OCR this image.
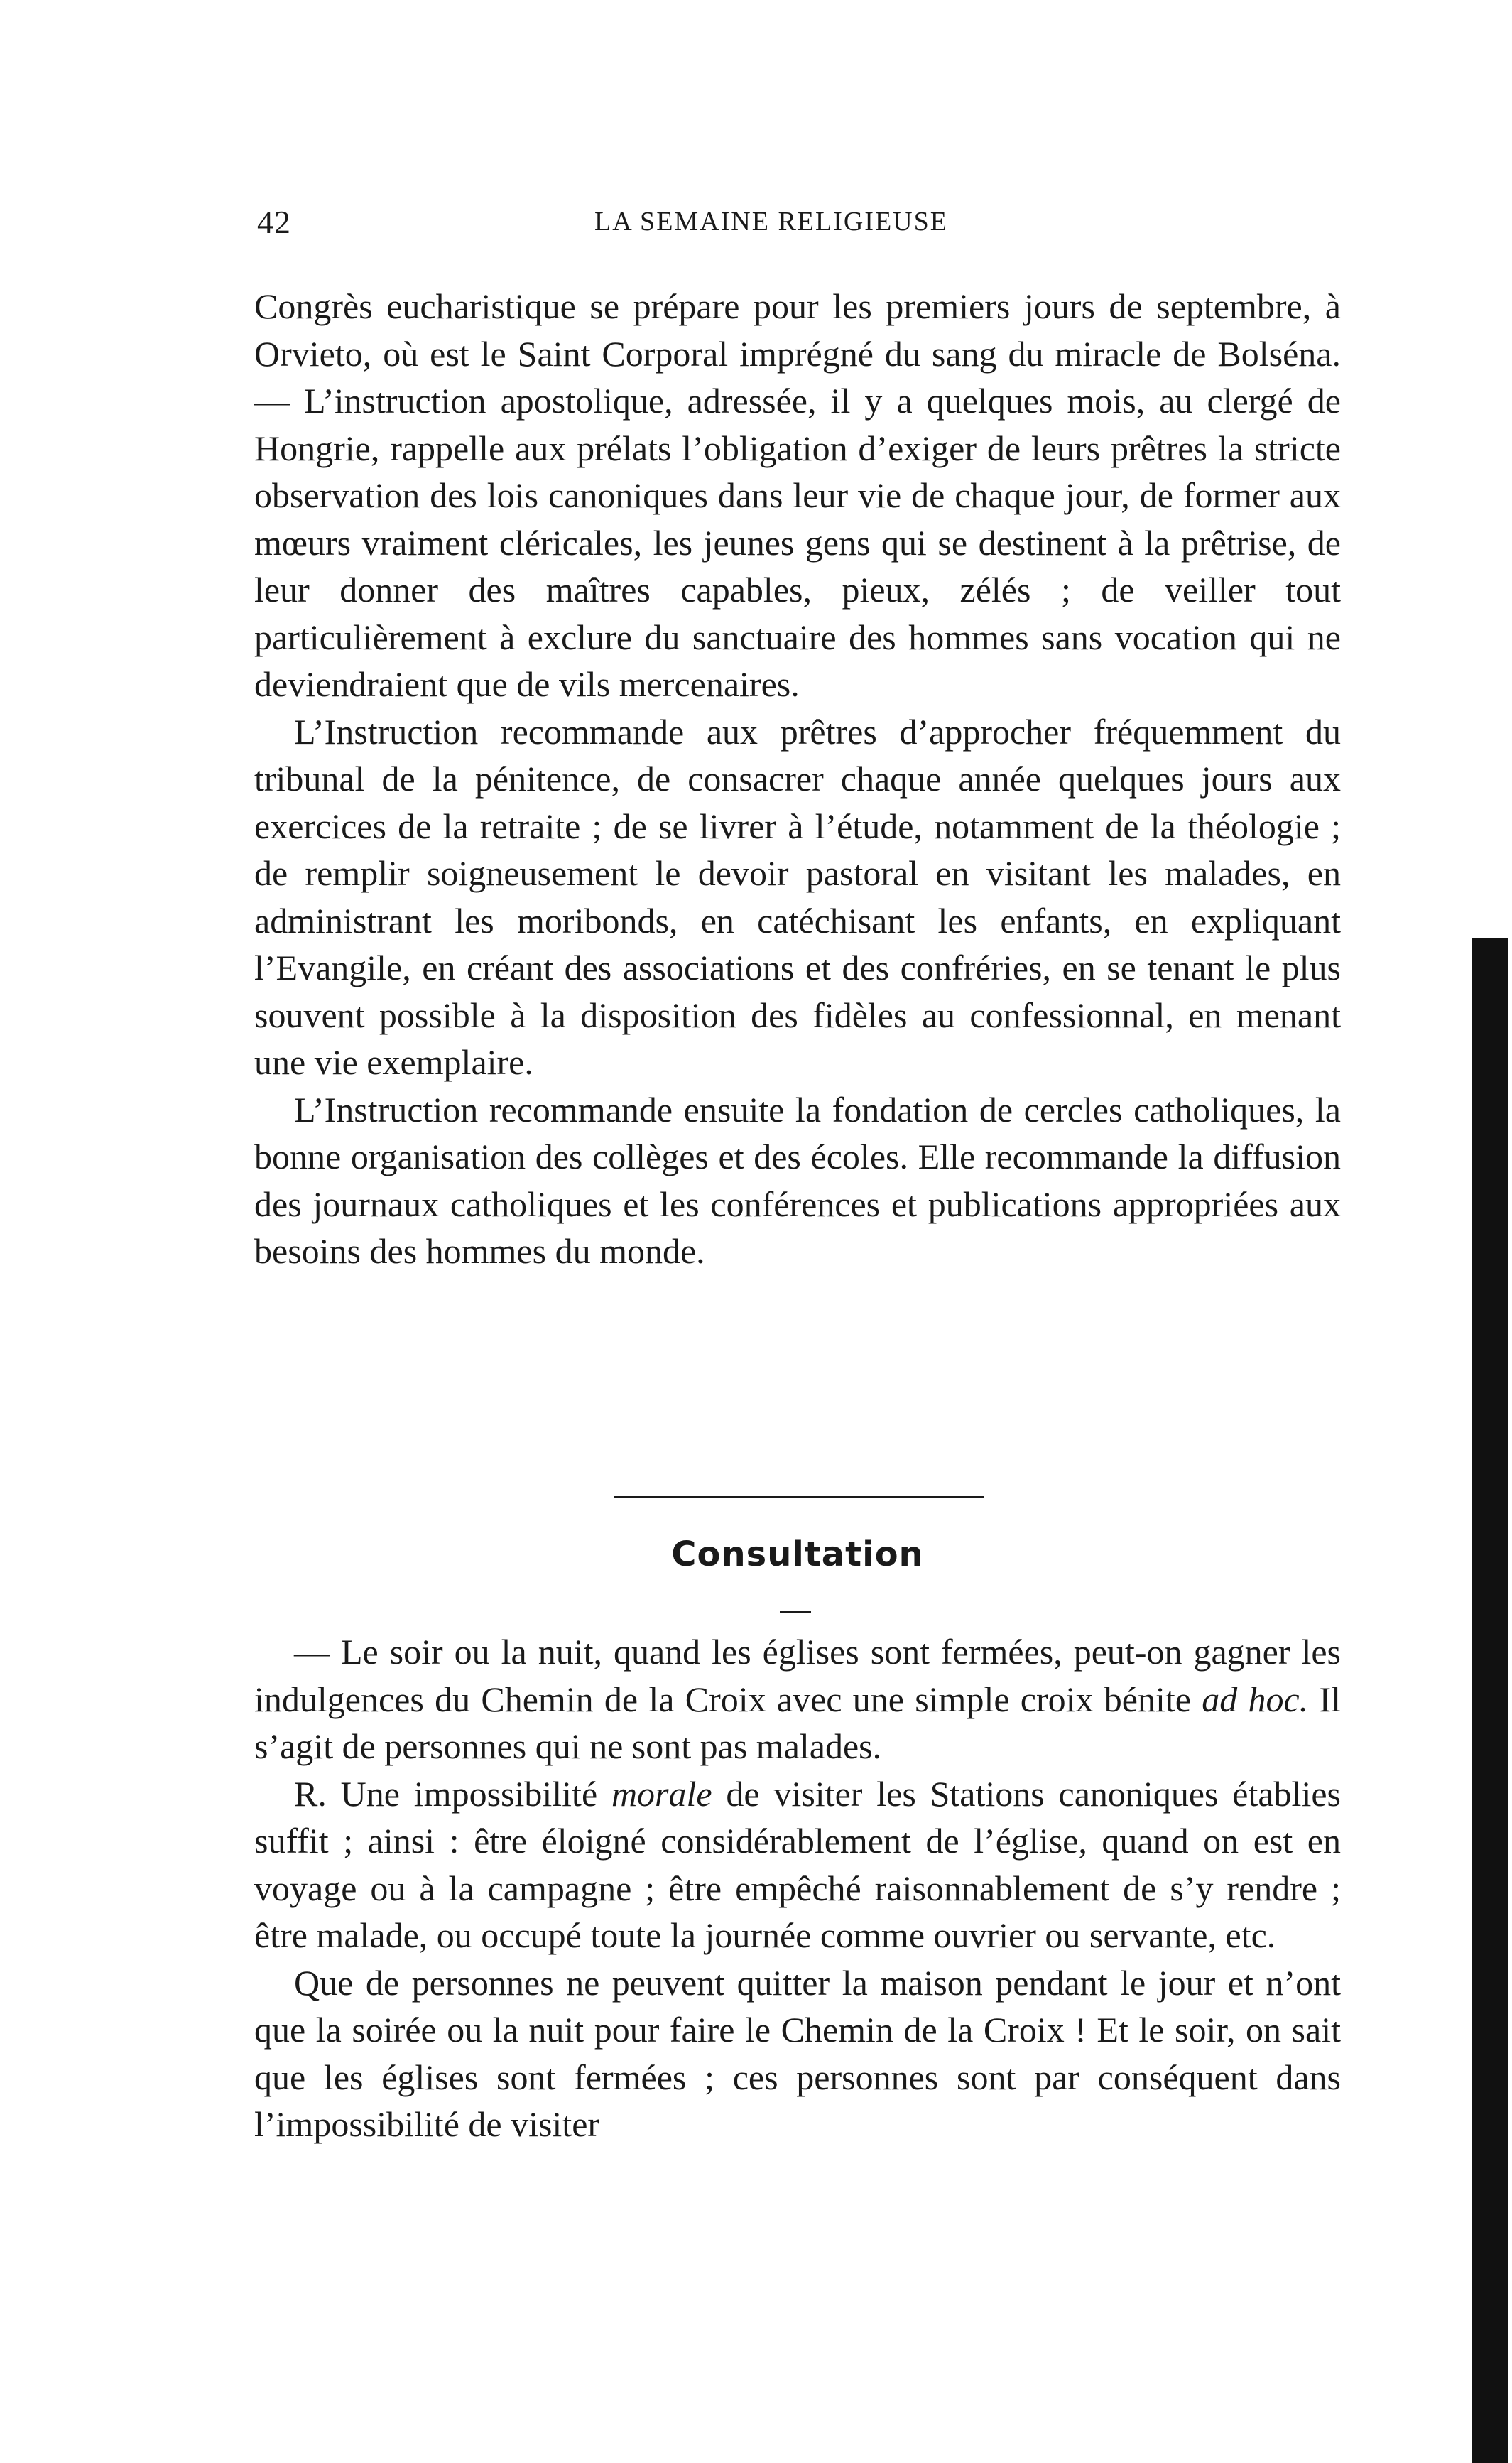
42	LA SEMAINE RELIGIEUSE

Congrès eucharistique se prépare pour les premiers jours de septembre, à Orvieto, où est le Saint Corporal imprégné du sang du miracle de Bolséna. — L’instruction apostolique, adressée, il y a quelques mois, au clergé de Hongrie, rappelle aux prélats l’obligation d’exiger de leurs prêtres la stricte observation des lois canoniques dans leur vie de chaque jour, de former aux mœurs vraiment cléricales, les jeunes gens qui se destinent à la prêtrise, de leur donner des maîtres capables, pieux, zélés ; de veiller tout particulièrement à exclure du sanctuaire des hommes sans vocation qui ne deviendraient que de vils mercenaires.

L’Instruction recommande aux prêtres d’approcher fréquemment du tribunal de la pénitence, de consacrer chaque année quelques jours aux exercices de la retraite ; de se livrer à l’étude, notamment de la théologie ; de remplir soigneusement le devoir pastoral en visitant les malades, en administrant les moribonds, en catéchisant les enfants, en expliquant l’Evangile, en créant des associations et des confréries, en se tenant le plus souvent possible à la disposition des fidèles au confessionnal, en menant une vie exemplaire.

L’Instruction recommande ensuite la fondation de cercles catholiques, la bonne organisation des collèges et des écoles. Elle recommande la diffusion des journaux catholiques et les conférences et publications appropriées aux besoins des hommes du monde.

Consultation

— Le soir ou la nuit, quand les églises sont fermées, peut-on gagner les indulgences du Chemin de la Croix avec une simple croix bénite ad hoc. Il s’agit de personnes qui ne sont pas malades.

R. Une impossibilité morale de visiter les Stations canoniques établies suffit ; ainsi : être éloigné considérablement de l’église, quand on est en voyage ou à la campagne ; être empêché raisonnablement de s’y rendre ; être malade, ou occupé toute la journée comme ouvrier ou servante, etc.

Que de personnes ne peuvent quitter la maison pendant le jour et n’ont que la soirée ou la nuit pour faire le Chemin de la Croix ! Et le soir, on sait que les églises sont fermées ; ces personnes sont par conséquent dans l’impossibilité de visiter
